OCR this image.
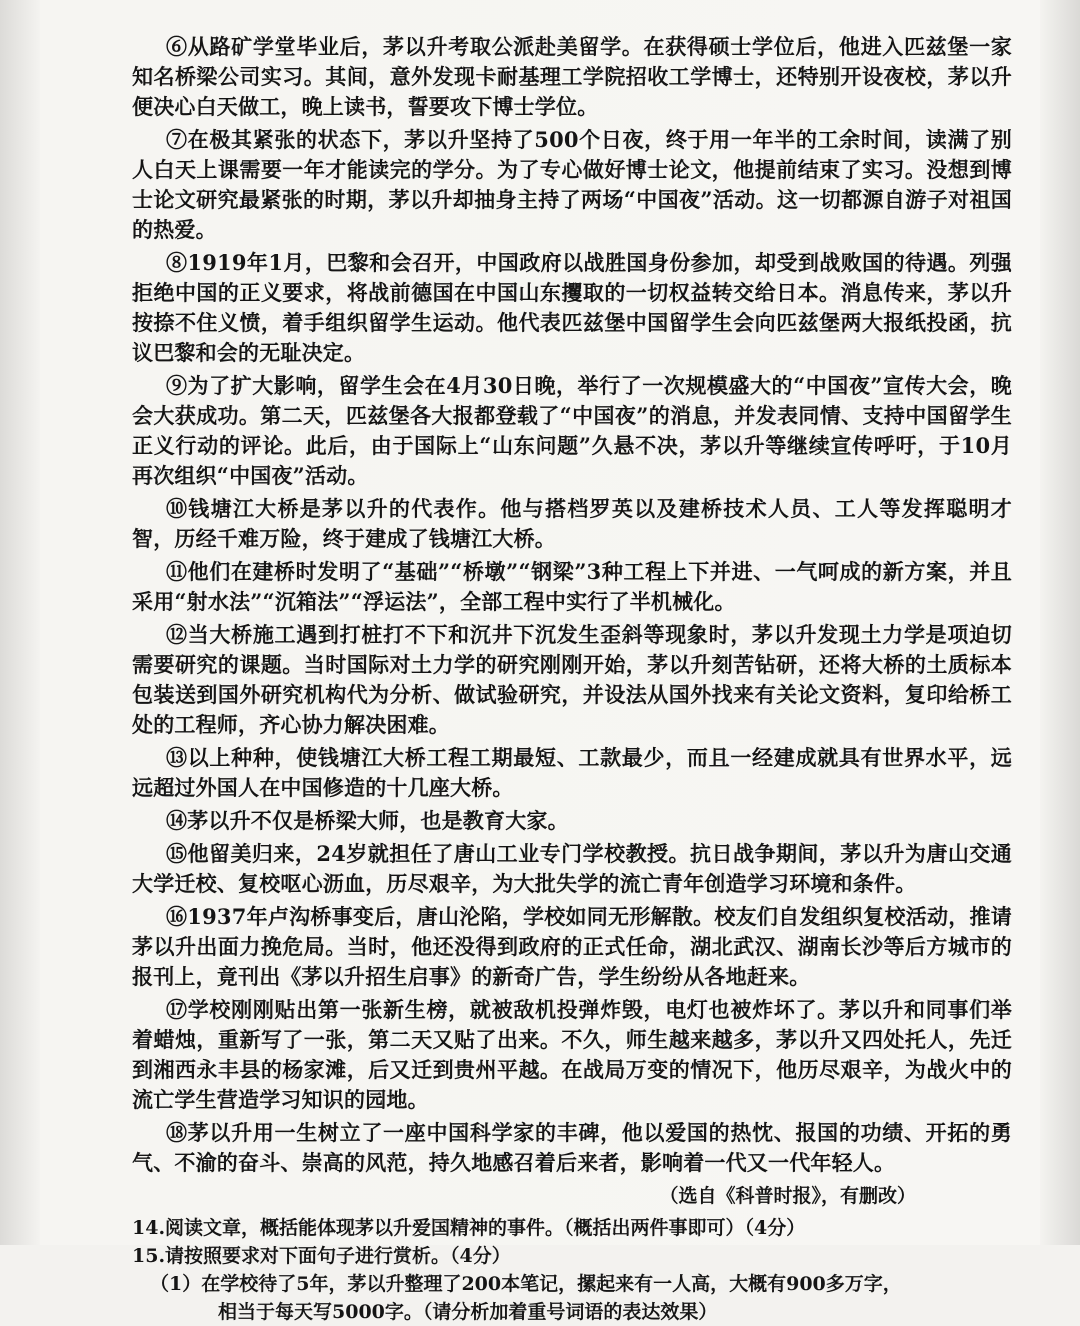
⑥从路矿学堂毕业后，茅以升考取公派赴美留学。在获得硕士学位后，他进入匹兹堡一家知名桥梁公司实习。其间，意外发现卡耐基理工学院招收工学博士，还特别开设夜校，茅以升便决心白天做工，晚上读书，誓要攻下博士学位。

⑦在极其紧张的状态下，茅以升坚持了500个日夜，终于用一年半的工余时间，读满了别人白天上课需要一年才能读完的学分。为了专心做好博士论文，他提前结束了实习。没想到博士论文研究最紧张的时期，茅以升却抽身主持了两场“中国夜”活动。这一切都源自游子对祖国的热爱。

⑧1919年1月，巴黎和会召开，中国政府以战胜国身份参加，却受到战败国的待遇。列强拒绝中国的正义要求，将战前德国在中国山东攫取的一切权益转交给日本。消息传来，茅以升按捺不住义愤，着手组织留学生运动。他代表匹兹堡中国留学生会向匹兹堡两大报纸投函，抗议巴黎和会的无耻决定。

⑨为了扩大影响，留学生会在4月30日晚，举行了一次规模盛大的“中国夜”宣传大会，晚会大获成功。第二天，匹兹堡各大报都登载了“中国夜”的消息，并发表同情、支持中国留学生正义行动的评论。此后，由于国际上“山东问题”久悬不决，茅以升等继续宣传呼吁，于10月再次组织“中国夜”活动。

⑩钱塘江大桥是茅以升的代表作。他与搭档罗英以及建桥技术人员、工人等发挥聪明才智，历经千难万险，终于建成了钱塘江大桥。

⑪他们在建桥时发明了“基础”“桥墩”“钢梁”3种工程上下并进、一气呵成的新方案，并且采用“射水法”“沉箱法”“浮运法”，全部工程中实行了半机械化。

⑫当大桥施工遇到打桩打不下和沉井下沉发生歪斜等现象时，茅以升发现土力学是项迫切需要研究的课题。当时国际对土力学的研究刚刚开始，茅以升刻苦钻研，还将大桥的土质标本包装送到国外研究机构代为分析、做试验研究，并设法从国外找来有关论文资料，复印给桥工处的工程师，齐心协力解决困难。

⑬以上种种，使钱塘江大桥工程工期最短、工款最少，而且一经建成就具有世界水平，远远超过外国人在中国修造的十几座大桥。

⑭茅以升不仅是桥梁大师，也是教育大家。

⑮他留美归来，24岁就担任了唐山工业专门学校教授。抗日战争期间，茅以升为唐山交通大学迁校、复校呕心沥血，历尽艰辛，为大批失学的流亡青年创造学习环境和条件。

⑯1937年卢沟桥事变后，唐山沦陷，学校如同无形解散。校友们自发组织复校活动，推请茅以升出面力挽危局。当时，他还没得到政府的正式任命，湖北武汉、湖南长沙等后方城市的报刊上，竟刊出《茅以升招生启事》的新奇广告，学生纷纷从各地赶来。

⑰学校刚刚贴出第一张新生榜，就被敌机投弹炸毁，电灯也被炸坏了。茅以升和同事们举着蜡烛，重新写了一张，第二天又贴了出来。不久，师生越来越多，茅以升又四处托人，先迁到湘西永丰县的杨家滩，后又迁到贵州平越。在战局万变的情况下，他历尽艰辛，为战火中的流亡学生营造学习知识的园地。

⑱茅以升用一生树立了一座中国科学家的丰碑，他以爱国的热忱、报国的功绩、开拓的勇气、不渝的奋斗、崇高的风范，持久地感召着后来者，影响着一代又一代年轻人。

（选自《科普时报》，有删改）

14.阅读文章，概括能体现茅以升爱国精神的事件。（概括出两件事即可）（4分）

15.请按照要求对下面句子进行赏析。（4分）

（1）在学校待了5年，茅以升整理了200本笔记，摞起来有一人高，大概有900多万字，

相当于每天写5000字。（请分析加着重号词语的表达效果）
